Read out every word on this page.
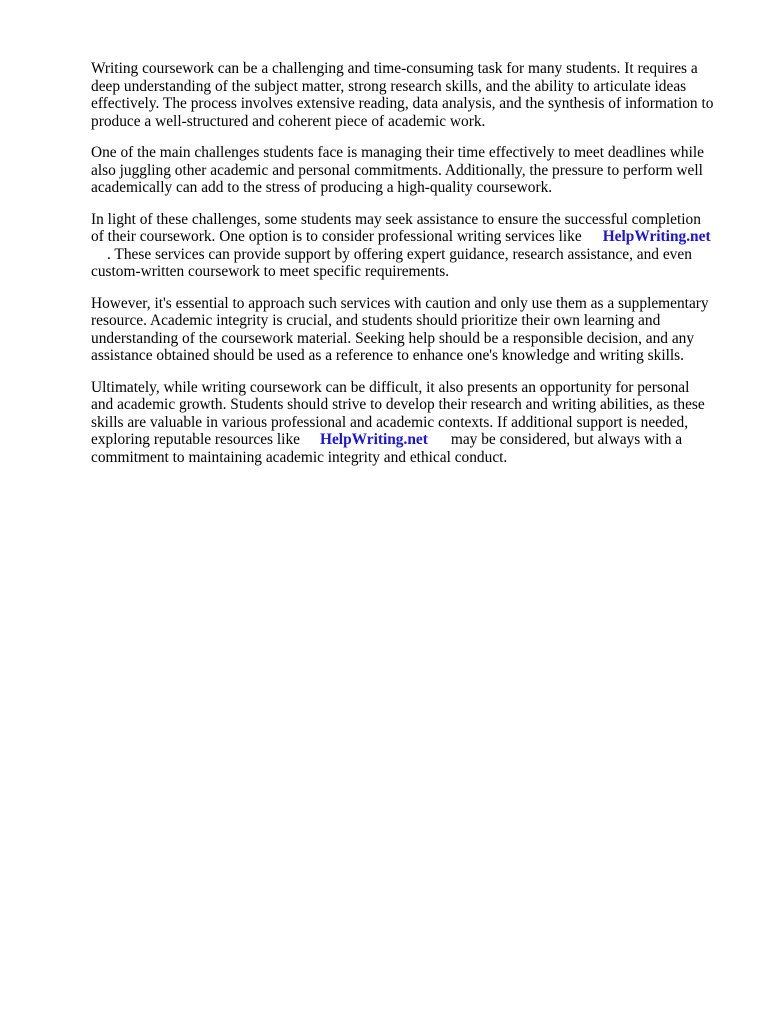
Writing coursework can be a challenging and time-consuming task for many students. It requires a
deep understanding of the subject matter, strong research skills, and the ability to articulate ideas
effectively. The process involves extensive reading, data analysis, and the synthesis of information to
produce a well-structured and coherent piece of academic work.

One of the main challenges students face is managing their time effectively to meet deadlines while
also juggling other academic and personal commitments. Additionally, the pressure to perform well
academically can add to the stress of producing a high-quality coursework.

In light of these challenges, some students may seek assistance to ensure the successful completion
of their coursework. One option is to consider professional writing services like HelpWriting.net
. These services can provide support by offering expert guidance, research assistance, and even
custom-written coursework to meet specific requirements.

However, it's essential to approach such services with caution and only use them as a supplementary
resource. Academic integrity is crucial, and students should prioritize their own learning and
understanding of the coursework material. Seeking help should be a responsible decision, and any
assistance obtained should be used as a reference to enhance one's knowledge and writing skills.

Ultimately, while writing coursework can be difficult, it also presents an opportunity for personal
and academic growth. Students should strive to develop their research and writing abilities, as these
skills are valuable in various professional and academic contexts. If additional support is needed,
exploring reputable resources like HelpWriting.net may be considered, but always with a
commitment to maintaining academic integrity and ethical conduct.
